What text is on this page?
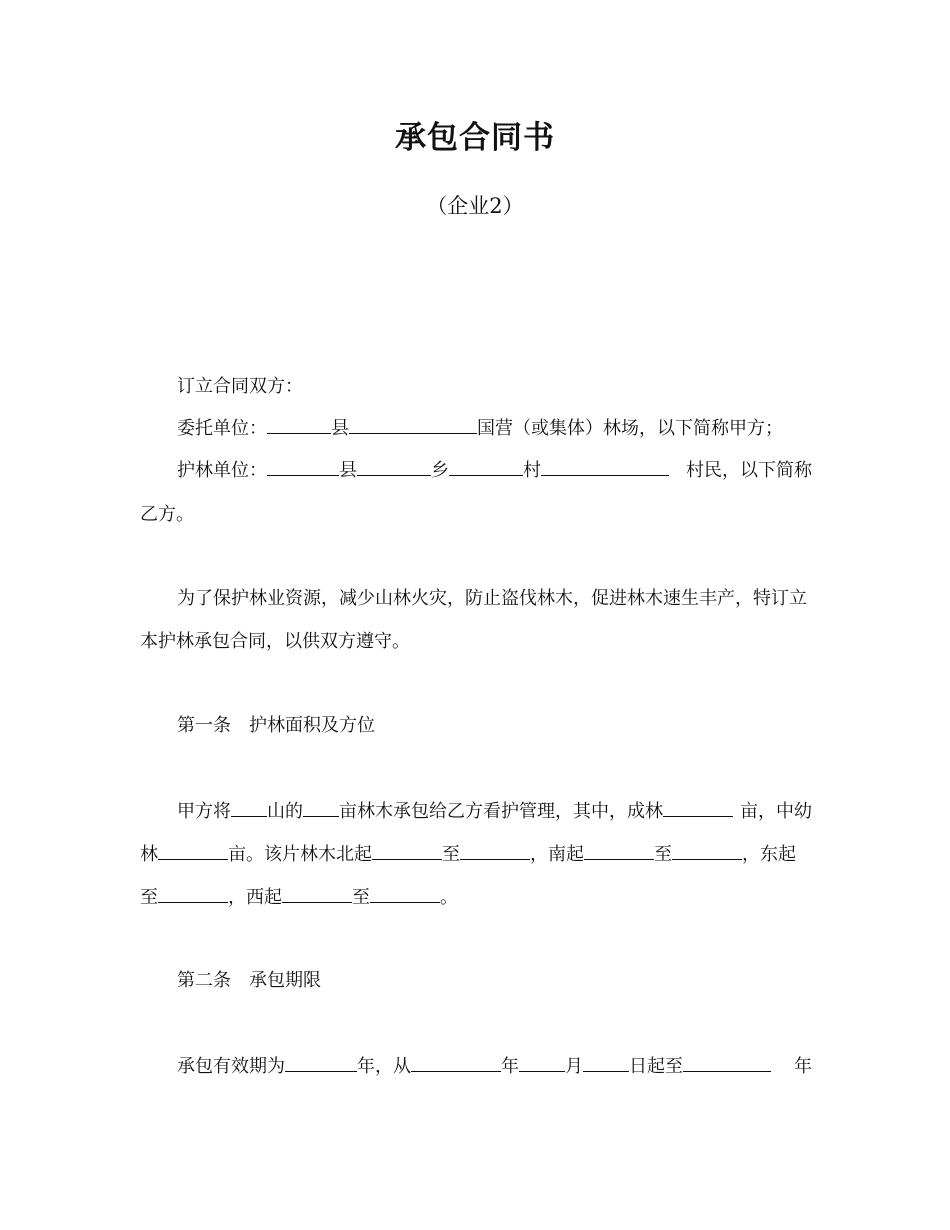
承包合同书
（企业2）
订立合同双方：
委托单位：	县	国营（或集体）林场，以下简称甲方；
护林单位：	县	乡	村	村民，以下简称
乙方。
为了保护林业资源，减少山林火灾，防止盗伐林木，促进林木速生丰产，特订立
本护林承包合同，以供双方遵守。
第一条　护林面积及方位
甲方将 山的 亩林木承包给乙方看护管理，其中，成林	亩，中幼
林	亩。该片林木北起	至	，南起	至	，东起
至	，西起	至	。
第二条　承包期限
承包有效期为	年，从	年	月	日起至	年
